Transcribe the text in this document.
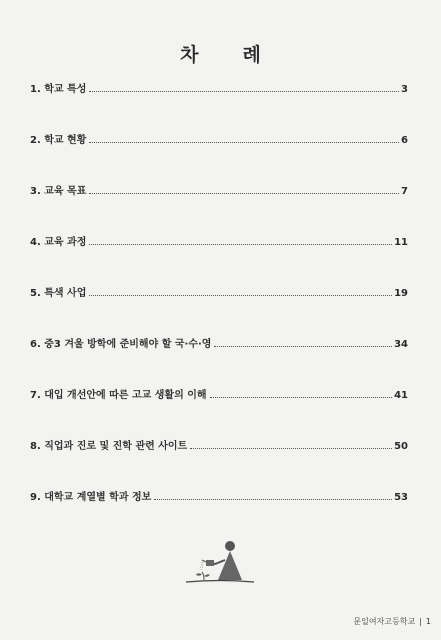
차례
1. 학교 특성	3
2. 학교 현황	6
3. 교육 목표	7
4. 교육 과정	11
5. 특색 사업	19
6. 중3 겨울 방학에 준비해야 할 국·수·영	34
7. 대입 개선안에 따른 고교 생활의 이해	41
8. 직업과 진로 및 진학 관련 사이트	50
9. 대학교 계열별 학과 정보	53
문일여자고등학교 | 1
